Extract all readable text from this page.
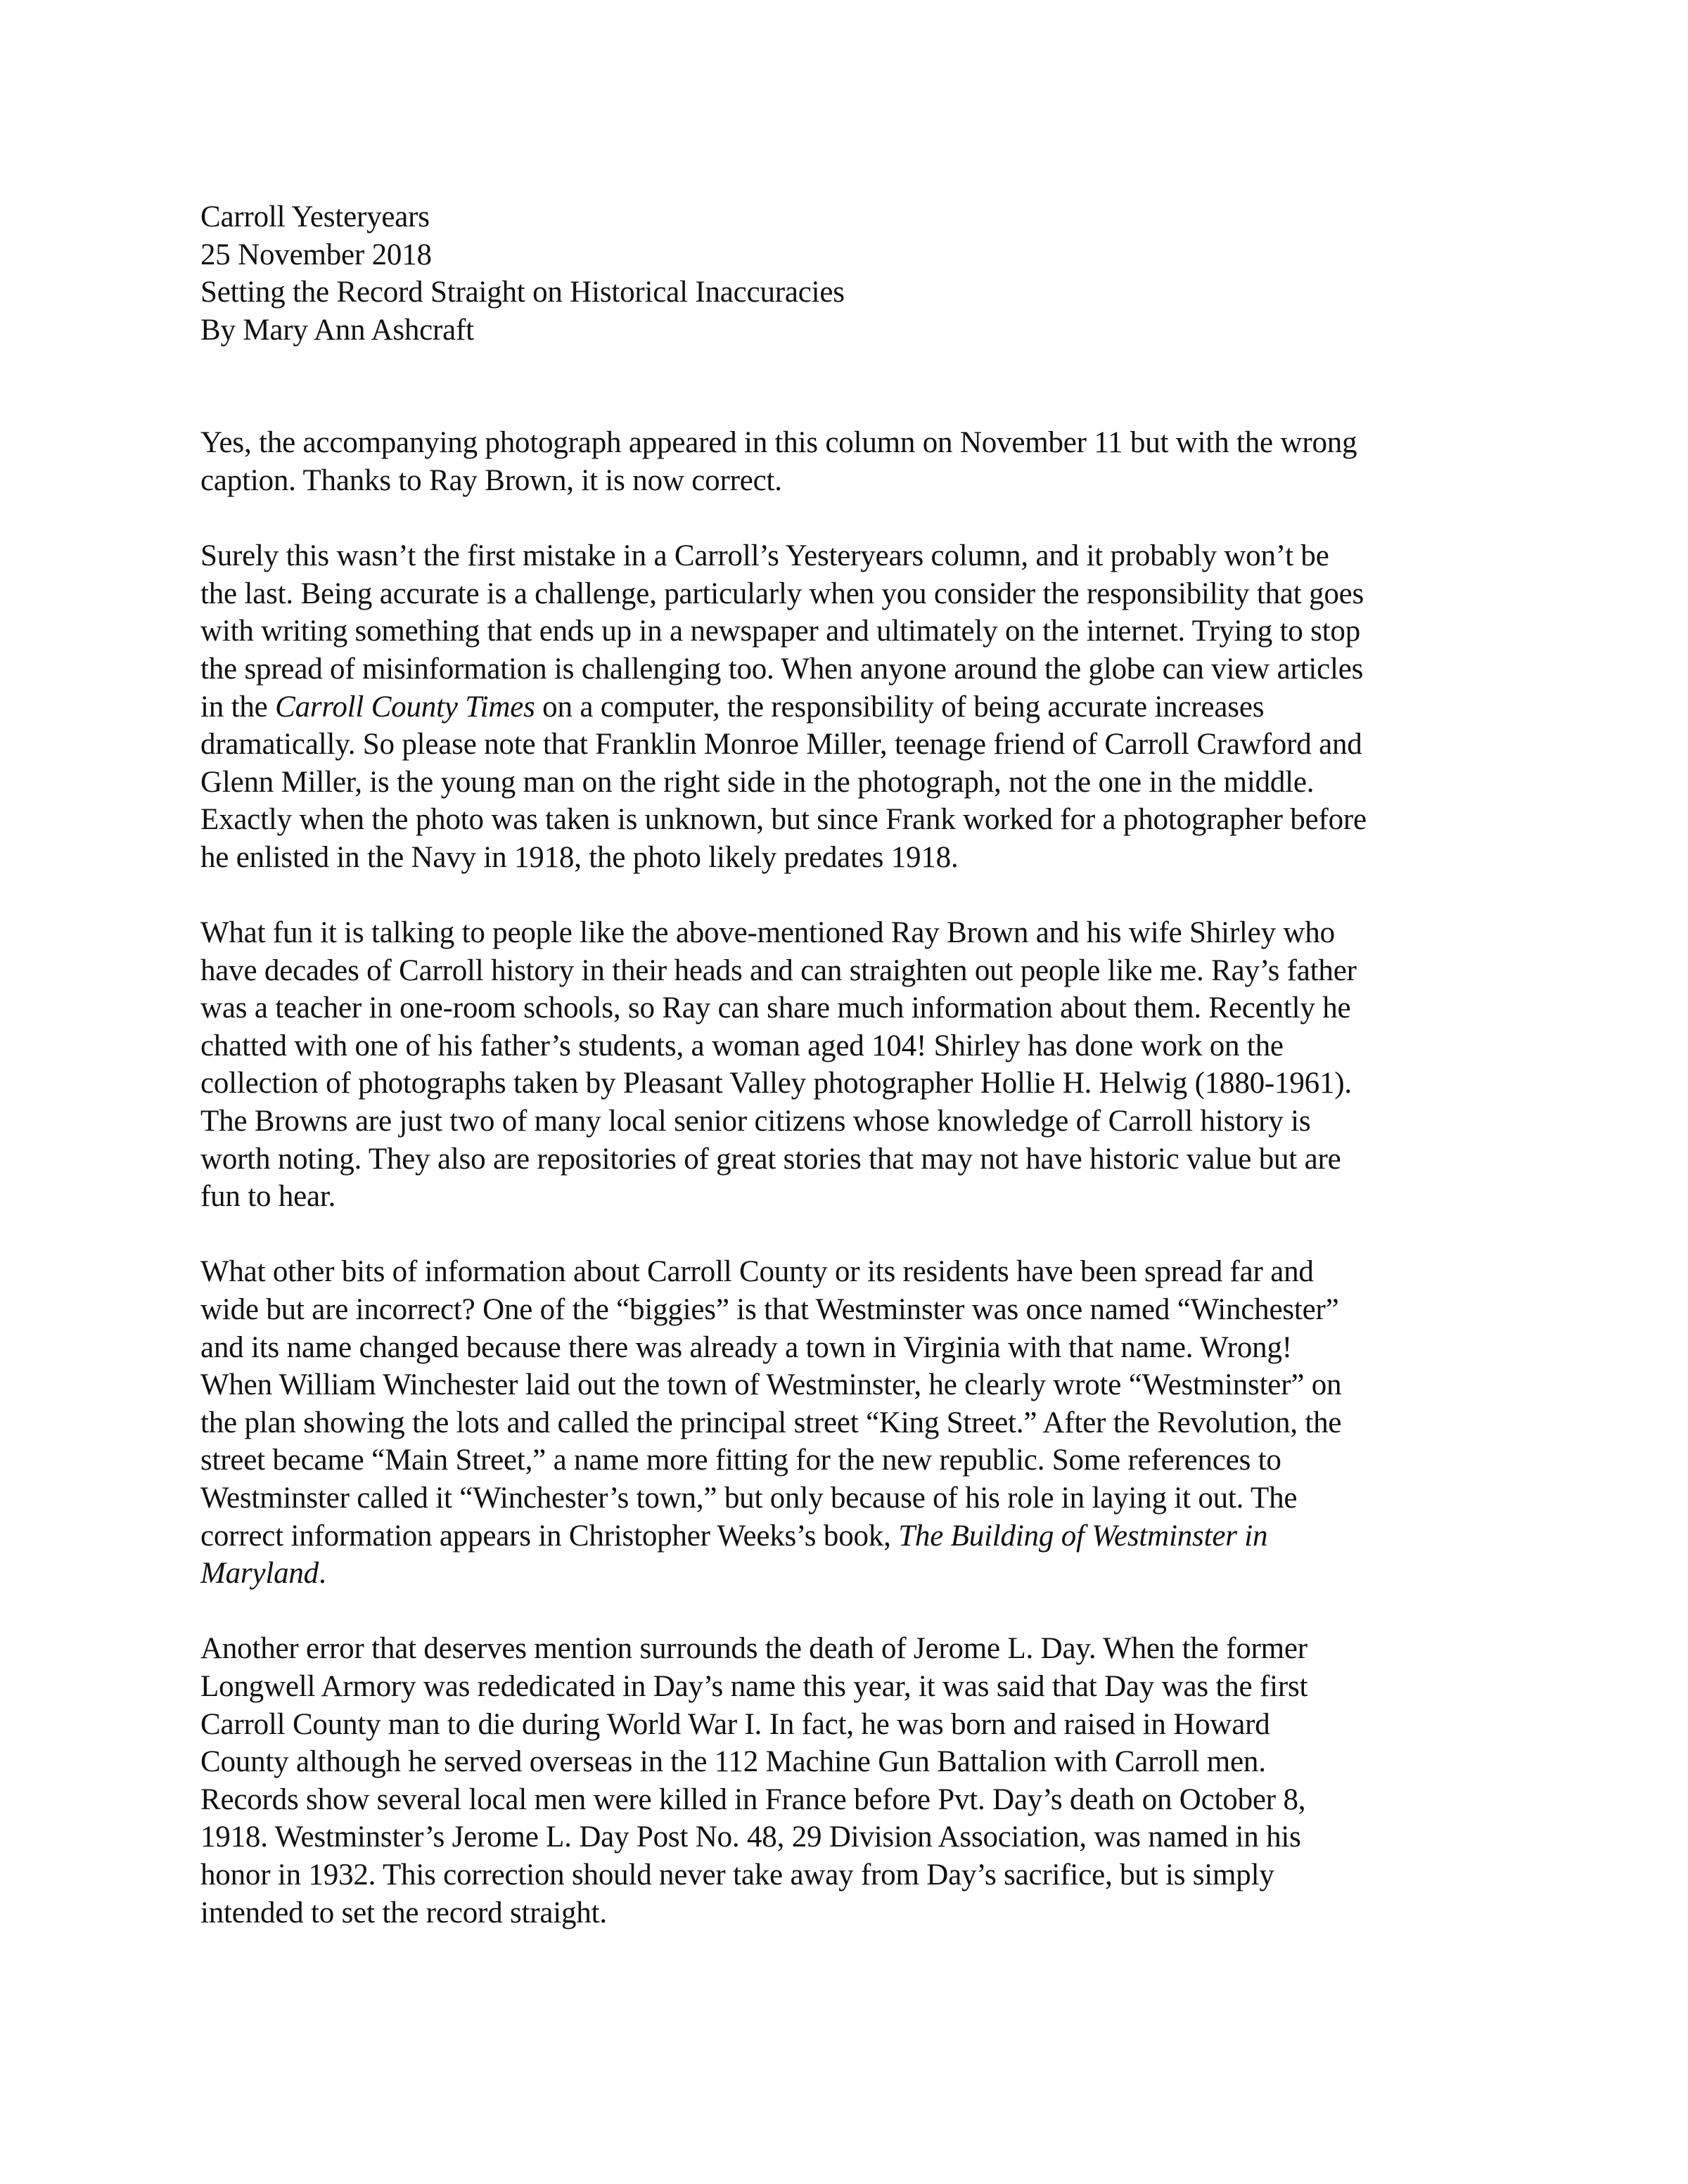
Carroll Yesteryears
25 November 2018
Setting the Record Straight on Historical Inaccuracies
By Mary Ann Ashcraft
Yes, the accompanying photograph appeared in this column on November 11 but with the wrong
caption. Thanks to Ray Brown, it is now correct.
Surely this wasn’t the first mistake in a Carroll’s Yesteryears column, and it probably won’t be
the last. Being accurate is a challenge, particularly when you consider the responsibility that goes
with writing something that ends up in a newspaper and ultimately on the internet. Trying to stop
the spread of misinformation is challenging too. When anyone around the globe can view articles
in the Carroll County Times on a computer, the responsibility of being accurate increases
dramatically. So please note that Franklin Monroe Miller, teenage friend of Carroll Crawford and
Glenn Miller, is the young man on the right side in the photograph, not the one in the middle.
Exactly when the photo was taken is unknown, but since Frank worked for a photographer before
he enlisted in the Navy in 1918, the photo likely predates 1918.
What fun it is talking to people like the above-mentioned Ray Brown and his wife Shirley who
have decades of Carroll history in their heads and can straighten out people like me. Ray’s father
was a teacher in one-room schools, so Ray can share much information about them. Recently he
chatted with one of his father’s students, a woman aged 104! Shirley has done work on the
collection of photographs taken by Pleasant Valley photographer Hollie H. Helwig (1880-1961).
The Browns are just two of many local senior citizens whose knowledge of Carroll history is
worth noting. They also are repositories of great stories that may not have historic value but are
fun to hear.
What other bits of information about Carroll County or its residents have been spread far and
wide but are incorrect? One of the “biggies” is that Westminster was once named “Winchester”
and its name changed because there was already a town in Virginia with that name. Wrong!
When William Winchester laid out the town of Westminster, he clearly wrote “Westminster” on
the plan showing the lots and called the principal street “King Street.” After the Revolution, the
street became “Main Street,” a name more fitting for the new republic. Some references to
Westminster called it “Winchester’s town,” but only because of his role in laying it out. The
correct information appears in Christopher Weeks’s book, The Building of Westminster in
Maryland.
Another error that deserves mention surrounds the death of Jerome L. Day. When the former
Longwell Armory was rededicated in Day’s name this year, it was said that Day was the first
Carroll County man to die during World War I. In fact, he was born and raised in Howard
County although he served overseas in the 112 Machine Gun Battalion with Carroll men.
Records show several local men were killed in France before Pvt. Day’s death on October 8,
1918. Westminster’s Jerome L. Day Post No. 48, 29 Division Association, was named in his
honor in 1932. This correction should never take away from Day’s sacrifice, but is simply
intended to set the record straight.
